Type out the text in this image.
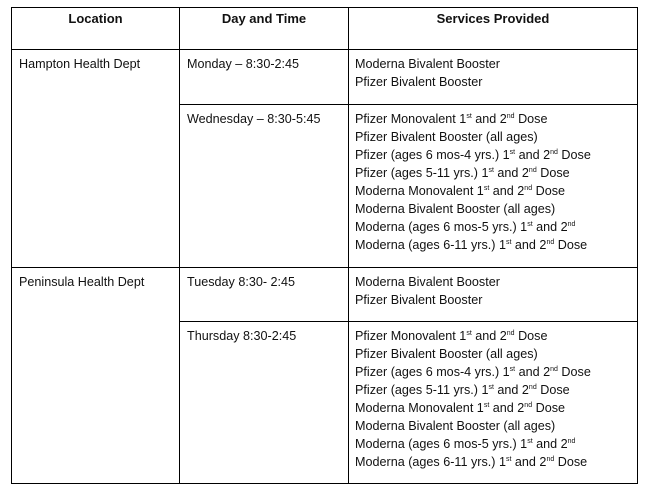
Location	Day and Time	Services Provided
Hampton Health Dept	Monday – 8:30-2:45	Moderna Bivalent Booster
Pfizer Bivalent Booster

Wednesday – 8:30-5:45	Pfizer Monovalent 1st and 2nd Dose
Pfizer Bivalent Booster (all ages)
Pfizer (ages 6 mos-4 yrs.) 1st and 2nd Dose
Pfizer (ages 5-11 yrs.) 1st and 2nd Dose
Moderna Monovalent 1st and 2nd Dose
Moderna Bivalent Booster (all ages)
Moderna (ages 6 mos-5 yrs.) 1st and 2nd
Moderna (ages 6-11 yrs.) 1st and 2nd Dose

Peninsula Health Dept	Tuesday 8:30- 2:45	Moderna Bivalent Booster
Pfizer Bivalent Booster

Thursday 8:30-2:45	Pfizer Monovalent 1st and 2nd Dose
Pfizer Bivalent Booster (all ages)
Pfizer (ages 6 mos-4 yrs.) 1st and 2nd Dose
Pfizer (ages 5-11 yrs.) 1st and 2nd Dose
Moderna Monovalent 1st and 2nd Dose
Moderna Bivalent Booster (all ages)
Moderna (ages 6 mos-5 yrs.) 1st and 2nd
Moderna (ages 6-11 yrs.) 1st and 2nd Dose
